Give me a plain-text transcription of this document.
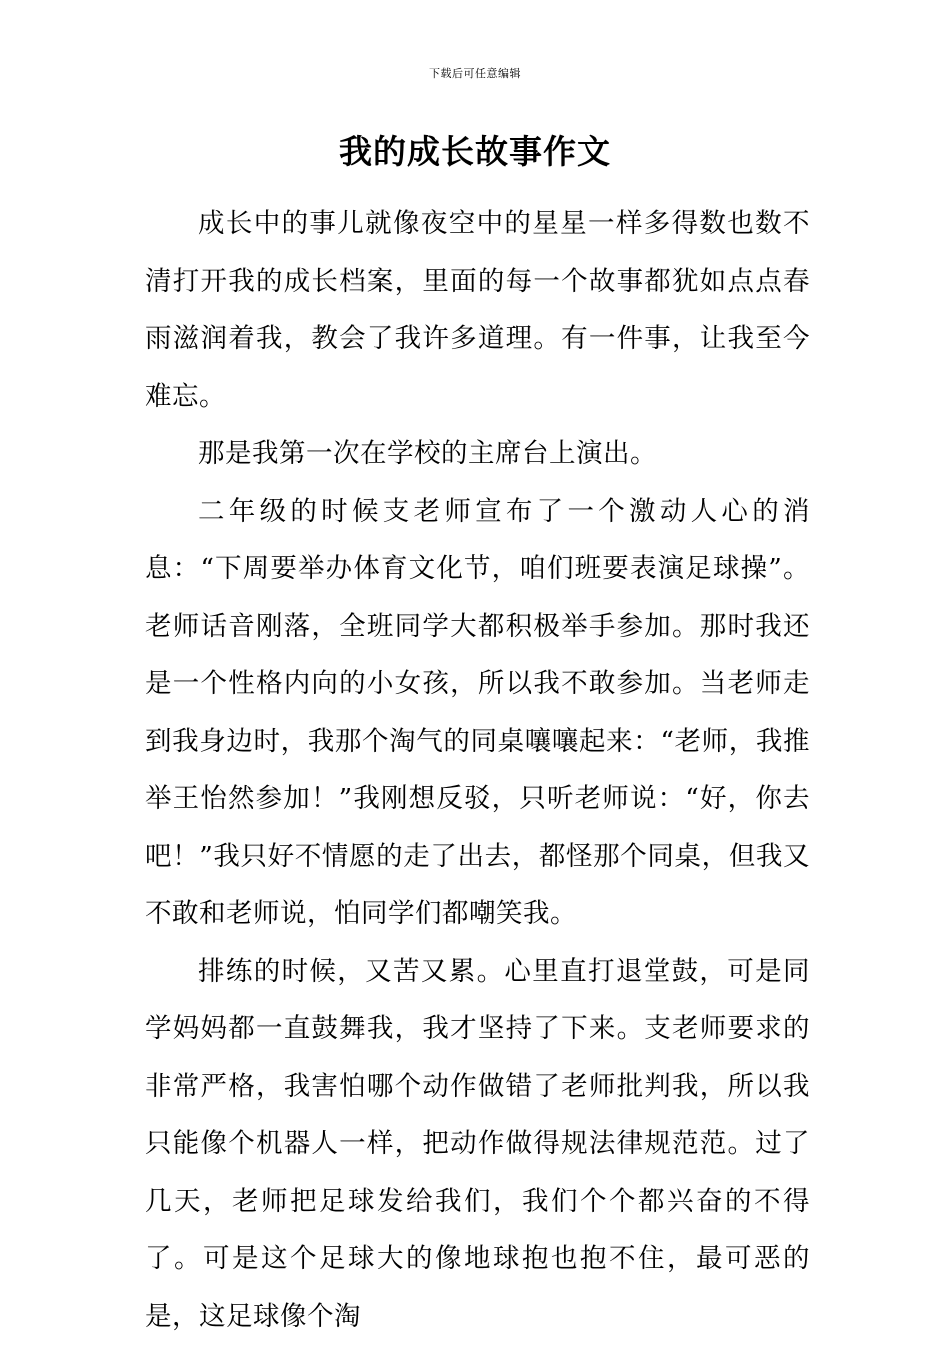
下载后可任意编辑
我的成长故事作文

成长中的事儿就像夜空中的星星一样多得数也数不清打开我的成长档案，里面的每一个故事都犹如点点春雨滋润着我，教会了我许多道理。有一件事，让我至今难忘。

那是我第一次在学校的主席台上演出。

二年级的时候支老师宣布了一个激动人心的消息：“下周要举办体育文化节，咱们班要表演足球操”。老师话音刚落，全班同学大都积极举手参加。那时我还是一个性格内向的小女孩，所以我不敢参加。当老师走到我身边时，我那个淘气的同桌嚷嚷起来：“老师，我推举王怡然参加！”我刚想反驳，只听老师说：“好，你去吧！”我只好不情愿的走了出去，都怪那个同桌，但我又不敢和老师说，怕同学们都嘲笑我。

排练的时候，又苦又累。心里直打退堂鼓，可是同学妈妈都一直鼓舞我，我才坚持了下来。支老师要求的非常严格，我害怕哪个动作做错了老师批判我，所以我只能像个机器人一样，把动作做得规法律规范范。过了几天，老师把足球发给我们，我们个个都兴奋的不得了。可是这个足球大的像地球抱也抱不住，最可恶的是，这足球像个淘
